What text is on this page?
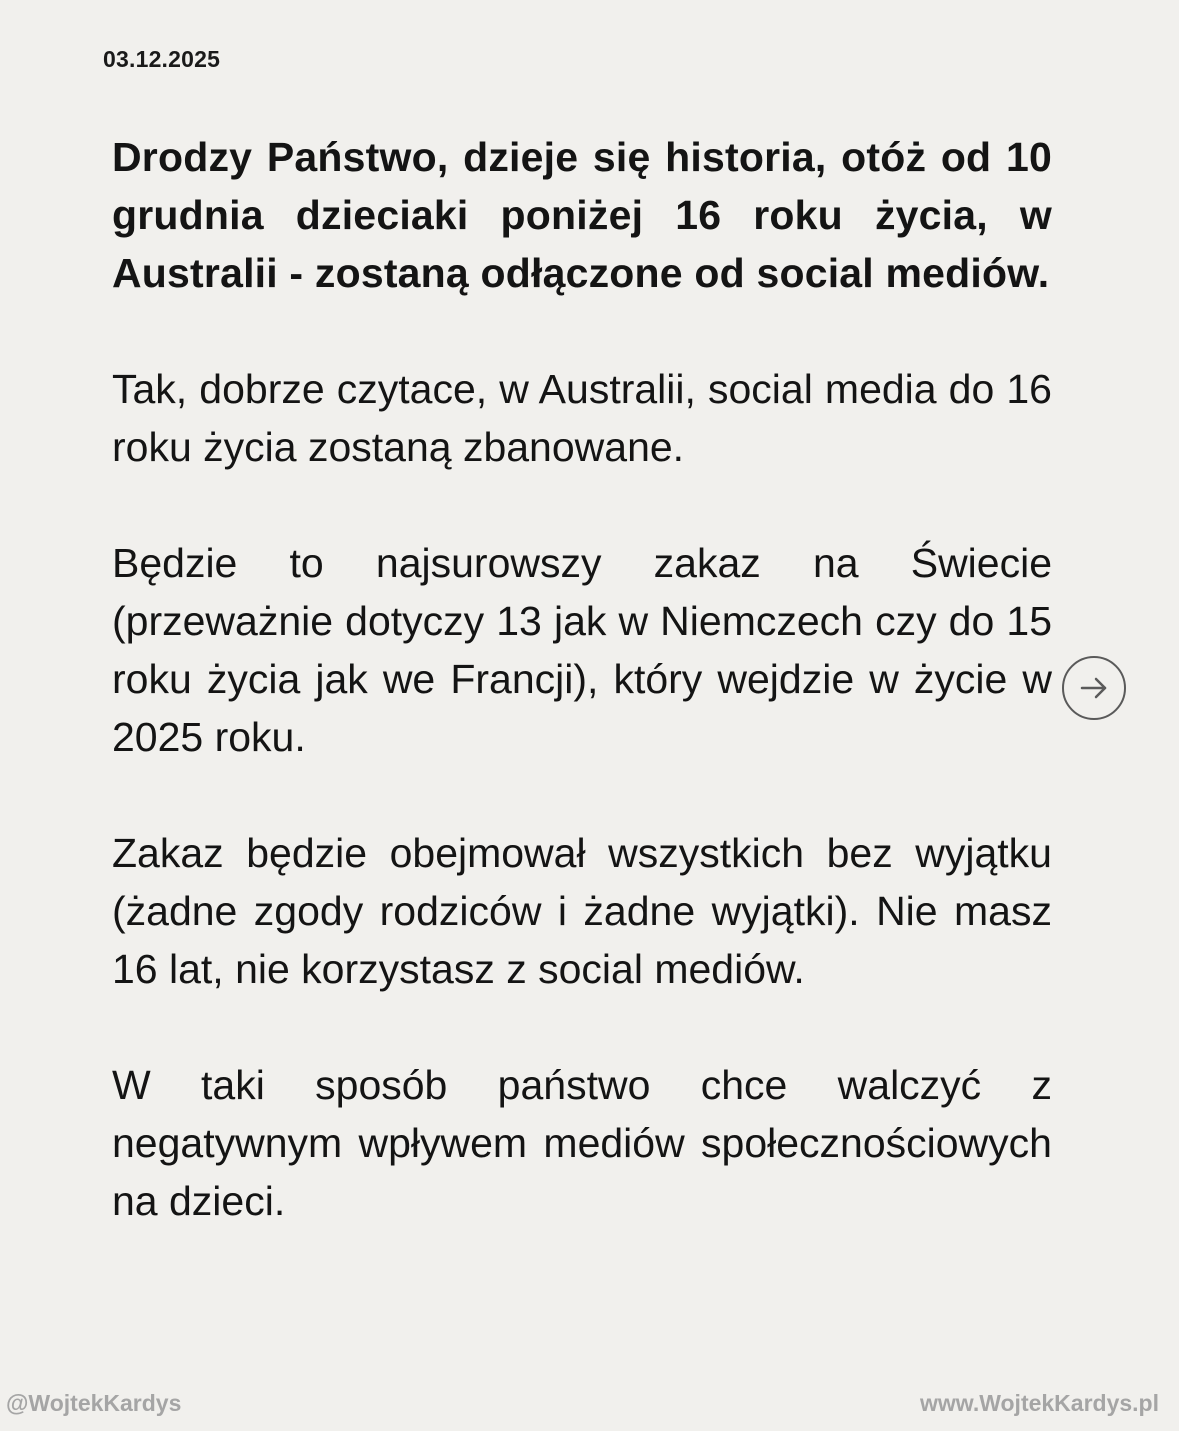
03.12.2025

Drodzy Państwo, dzieje się historia, otóż od 10 grudnia dzieciaki poniżej 16 roku życia, w Australii - zostaną odłączone od social mediów.

Tak, dobrze czytace, w Australii, social media do 16 roku życia zostaną zbanowane.

Będzie to najsurowszy zakaz na Świecie (przeważnie dotyczy 13 jak w Niemczech czy do 15 roku życia jak we Francji), który wejdzie w życie w 2025 roku.

Zakaz będzie obejmował wszystkich bez wyjątku (żadne zgody rodziców i żadne wyjątki). Nie masz 16 lat, nie korzystasz z social mediów.

W taki sposób państwo chce walczyć z negatywnym wpływem mediów społecznościowych na dzieci.

@WojtekKardys	www.WojtekKardys.pl
